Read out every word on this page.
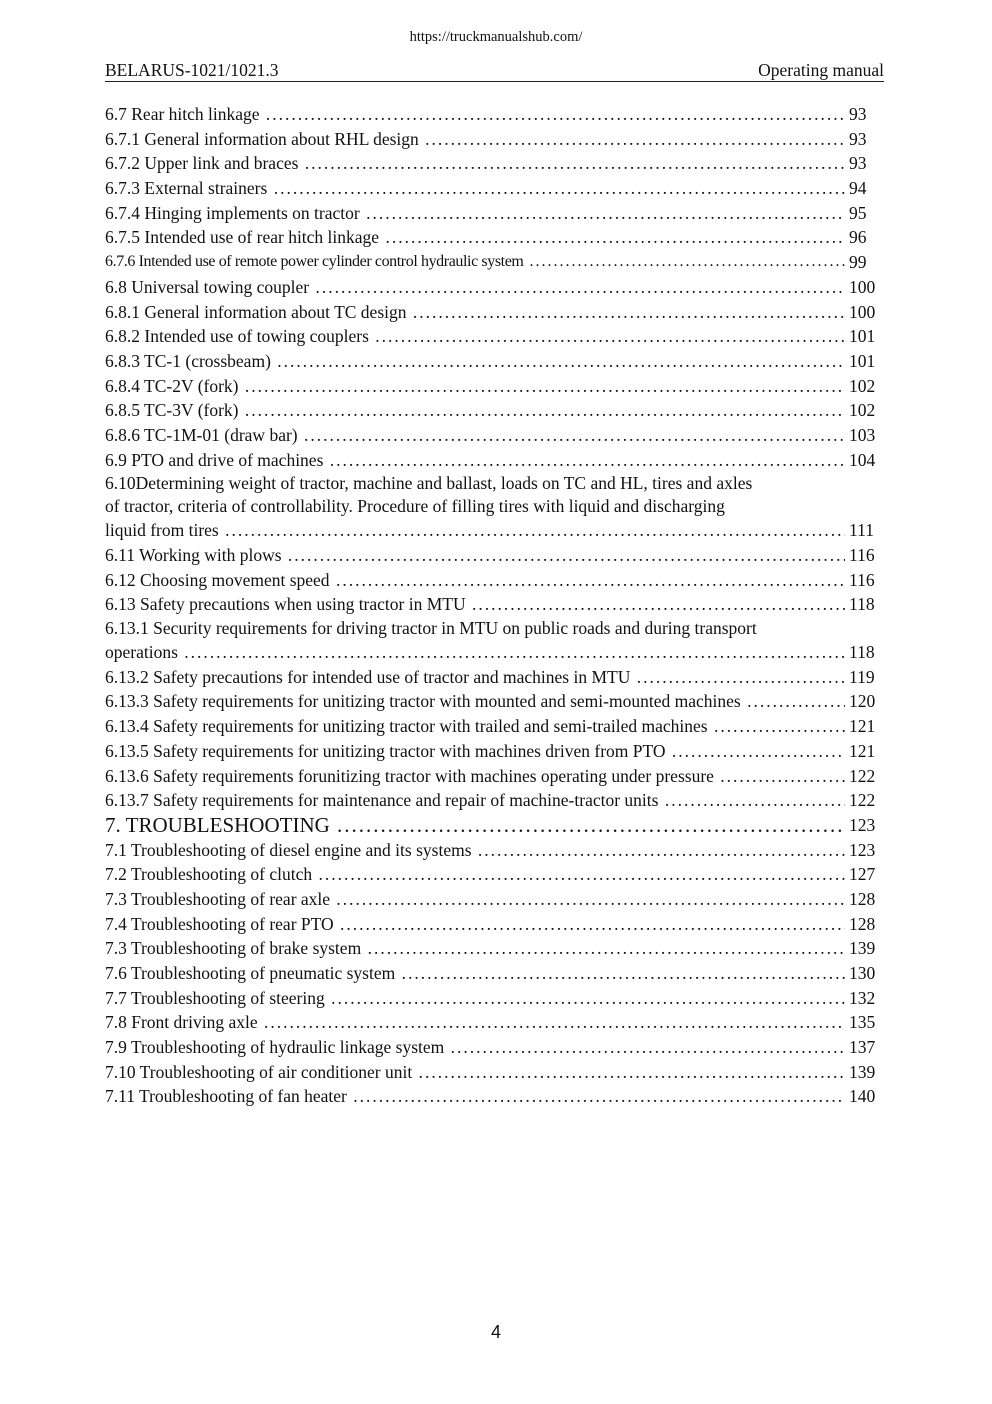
https://truckmanualshub.com/
BELARUS-1021/1021.3	Operating manual
6.7 Rear hitch linkage .....	93
6.7.1 General information about RHL design .....	93
6.7.2 Upper link and braces .....	93
6.7.3 External strainers .....	94
6.7.4 Hinging implements on tractor .....	95
6.7.5 Intended use of rear hitch linkage .....	96
6.7.6 Intended use of remote power cylinder control hydraulic system .....	99
6.8 Universal towing coupler .....	100
6.8.1 General information about TC design .....	100
6.8.2 Intended use of towing couplers .....	101
6.8.3 TC-1 (crossbeam) .....	101
6.8.4 TC-2V (fork) .....	102
6.8.5 TC-3V (fork) .....	102
6.8.6 TC-1M-01 (draw bar) .....	103
6.9 PTO and drive of machines .....	104
6.10Determining weight of tractor, machine and ballast, loads on TC and HL, tires and axles
of tractor, criteria of controllability. Procedure of filling tires with liquid and discharging
liquid from tires .....	111
6.11 Working with plows .....	116
6.12 Choosing movement speed .....	116
6.13 Safety precautions when using tractor in MTU .....	118
6.13.1 Security requirements for driving tractor in MTU on public roads and during transport
operations .....	118
6.13.2 Safety precautions for intended use of tractor and machines in MTU .....	119
6.13.3 Safety requirements for unitizing tractor with mounted and semi-mounted machines .....	120
6.13.4 Safety requirements for unitizing tractor with trailed and semi-trailed machines .....	121
6.13.5 Safety requirements for unitizing tractor with machines driven from PTO .....	121
6.13.6 Safety requirements forunitizing tractor with machines operating under pressure .....	122
6.13.7 Safety requirements for maintenance and repair of machine-tractor units .....	122
7. TROUBLESHOOTING .....	123
7.1 Troubleshooting of diesel engine and its systems .....	123
7.2 Troubleshooting of clutch .....	127
7.3 Troubleshooting of rear axle .....	128
7.4 Troubleshooting of rear PTO .....	128
7.3 Troubleshooting of brake system .....	139
7.6 Troubleshooting of pneumatic system .....	130
7.7 Troubleshooting of steering .....	132
7.8 Front driving axle .....	135
7.9 Troubleshooting of hydraulic linkage system .....	137
7.10 Troubleshooting of air conditioner unit .....	139
7.11 Troubleshooting of fan heater .....	140
4
